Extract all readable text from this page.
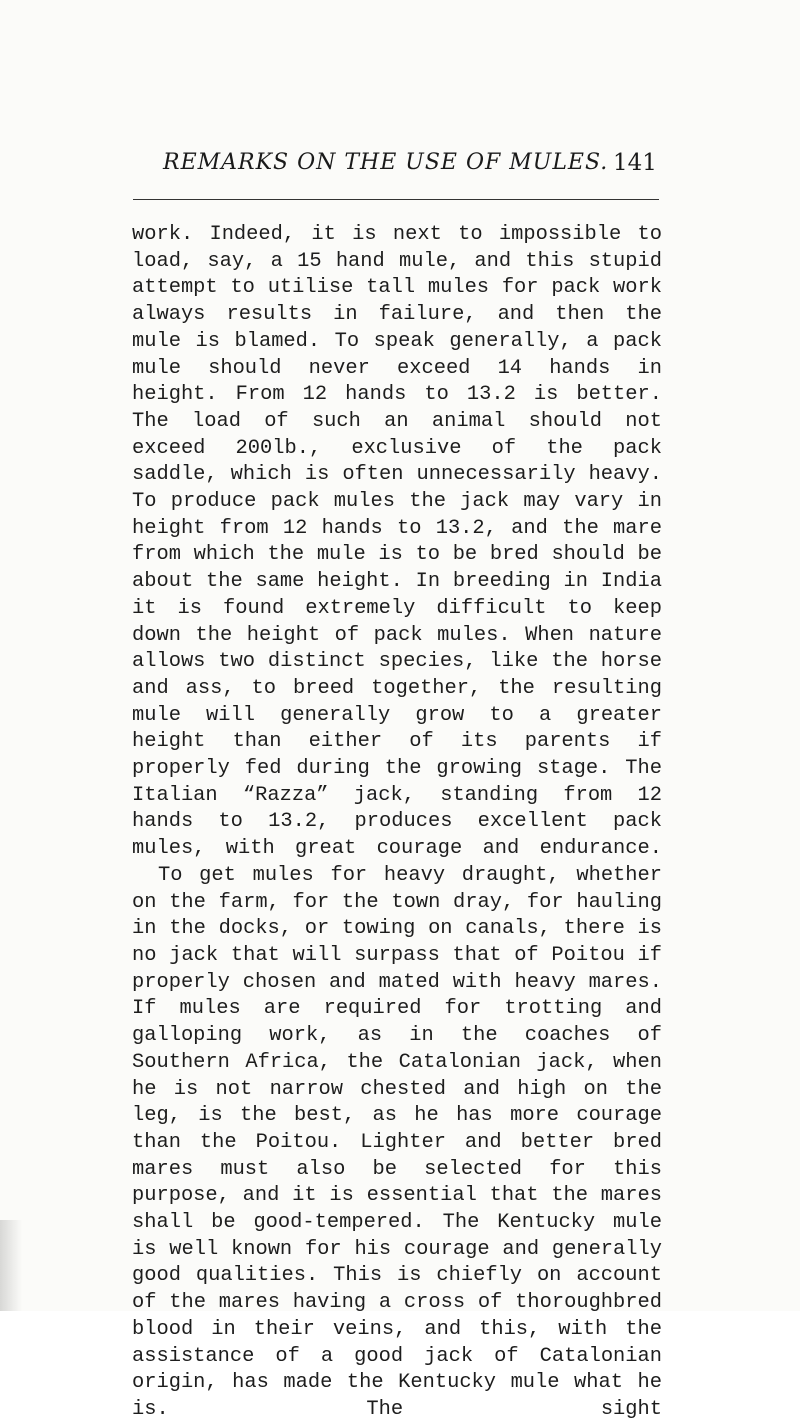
REMARKS ON THE USE OF MULES. 141

work. Indeed, it is next to impossible to load, say, a 15 hand mule, and this stupid attempt to utilise tall mules for pack work always results in failure, and then the mule is blamed. To speak generally, a pack mule should never exceed 14 hands in height. From 12 hands to 13.2 is better. The load of such an animal should not exceed 200lb., exclusive of the pack saddle, which is often unnecessarily heavy. To produce pack mules the jack may vary in height from 12 hands to 13.2, and the mare from which the mule is to be bred should be about the same height. In breeding in India it is found extremely difficult to keep down the height of pack mules. When nature allows two distinct species, like the horse and ass, to breed together, the resulting mule will generally grow to a greater height than either of its parents if properly fed during the growing stage. The Italian “Razza” jack, standing from 12 hands to 13.2, produces excellent pack mules, with great courage and endurance.

To get mules for heavy draught, whether on the farm, for the town dray, for hauling in the docks, or towing on canals, there is no jack that will surpass that of Poitou if properly chosen and mated with heavy mares. If mules are required for trotting and galloping work, as in the coaches of Southern Africa, the Catalonian jack, when he is not narrow chested and high on the leg, is the best, as he has more courage than the Poitou. Lighter and better bred mares must also be selected for this purpose, and it is essential that the mares shall be good-tempered. The Kentucky mule is well known for his courage and generally good qualities. This is chiefly on account of the mares having a cross of thoroughbred blood in their veins, and this, with the assistance of a good jack of Catalonian origin, has made the Kentucky mule what he is. The sight
